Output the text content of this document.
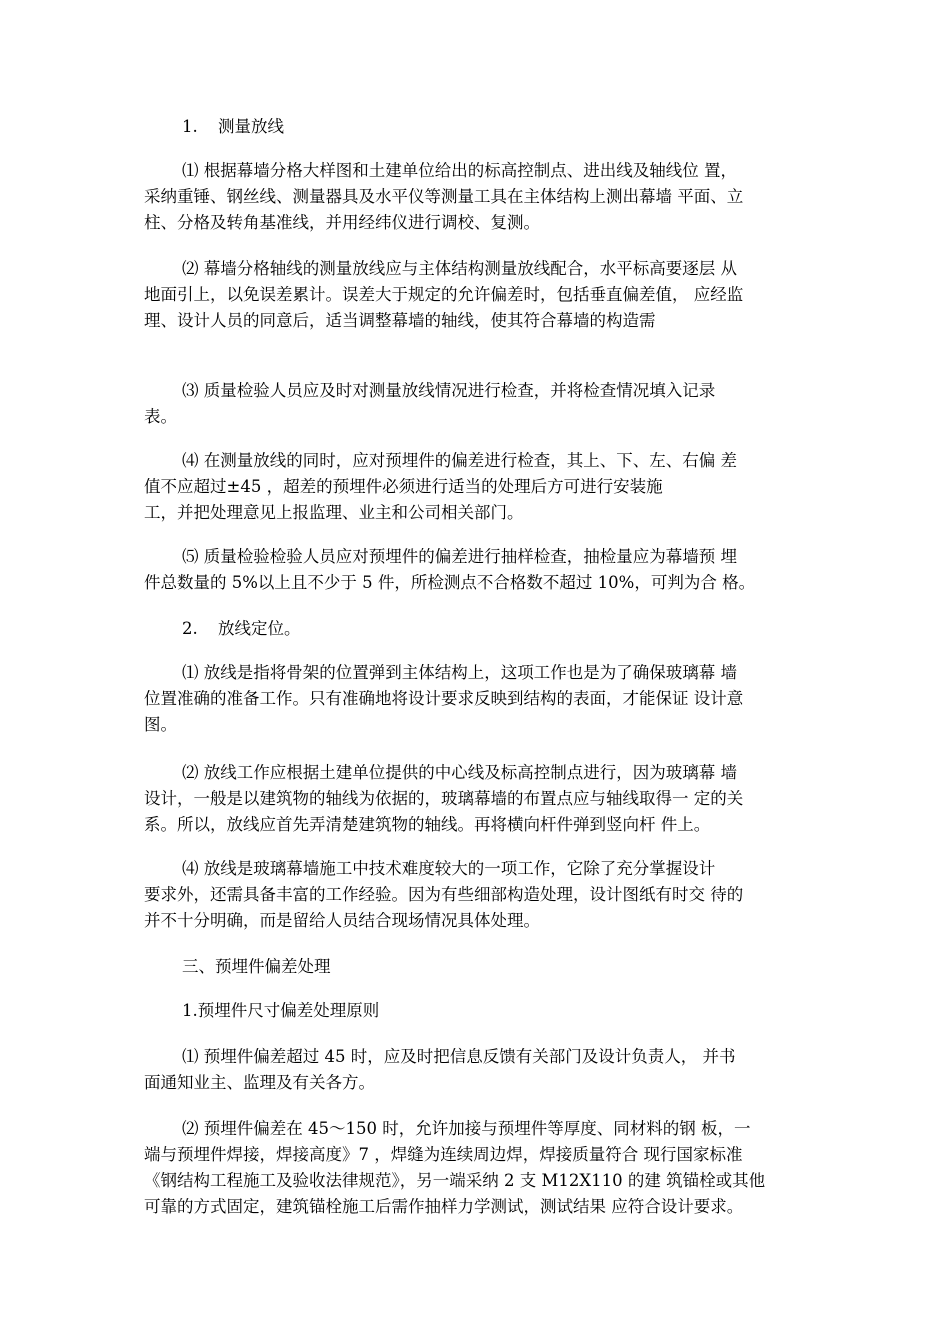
1. 测量放线
⑴ 根据幕墙分格大样图和土建单位给出的标高控制点、进出线及轴线位 置，
采纳重锤、钢丝线、测量器具及水平仪等测量工具在主体结构上测出幕墙 平面、立
柱、分格及转角基准线，并用经纬仪进行调校、复测。
⑵ 幕墙分格轴线的测量放线应与主体结构测量放线配合，水平标高要逐层 从
地面引上，以免误差累计。误差大于规定的允许偏差时，包括垂直偏差值， 应经监
理、设计人员的同意后，适当调整幕墙的轴线，使其符合幕墙的构造需
⑶ 质量检验人员应及时对测量放线情况进行检查，并将检查情况填入记录
表。
⑷ 在测量放线的同时，应对预埋件的偏差进行检查，其上、下、左、右偏 差
值不应超过±45 ，超差的预埋件必须进行适当的处理后方可进行安装施
工，并把处理意见上报监理、业主和公司相关部门。
⑸ 质量检验检验人员应对预埋件的偏差进行抽样检查，抽检量应为幕墙预 埋
件总数量的 5%以上且不少于 5 件，所检测点不合格数不超过 10%，可判为合 格。
2. 放线定位。
⑴ 放线是指将骨架的位置弹到主体结构上，这项工作也是为了确保玻璃幕 墙
位置准确的准备工作。只有准确地将设计要求反映到结构的表面，才能保证 设计意
图。
⑵ 放线工作应根据土建单位提供的中心线及标高控制点进行，因为玻璃幕 墙
设计，一般是以建筑物的轴线为依据的，玻璃幕墙的布置点应与轴线取得一 定的关
系。所以，放线应首先弄清楚建筑物的轴线。再将横向杆件弹到竖向杆 件上。
⑷ 放线是玻璃幕墙施工中技术难度较大的一项工作，它除了充分掌握设计
要求外，还需具备丰富的工作经验。因为有些细部构造处理，设计图纸有时交 待的
并不十分明确，而是留给人员结合现场情况具体处理。
三、预埋件偏差处理
1.预埋件尺寸偏差处理原则
⑴ 预埋件偏差超过 45 时，应及时把信息反馈有关部门及设计负责人， 并书
面通知业主、监理及有关各方。
⑵ 预埋件偏差在 45〜150 时，允许加接与预埋件等厚度、同材料的钢 板，一
端与预埋件焊接，焊接高度》7 ，焊缝为连续周边焊，焊接质量符合 现行国家标准
《钢结构工程施工及验收法律规范》，另一端采纳 2 支 M12X110 的建 筑锚栓或其他
可靠的方式固定，建筑锚栓施工后需作抽样力学测试，测试结果 应符合设计要求。
